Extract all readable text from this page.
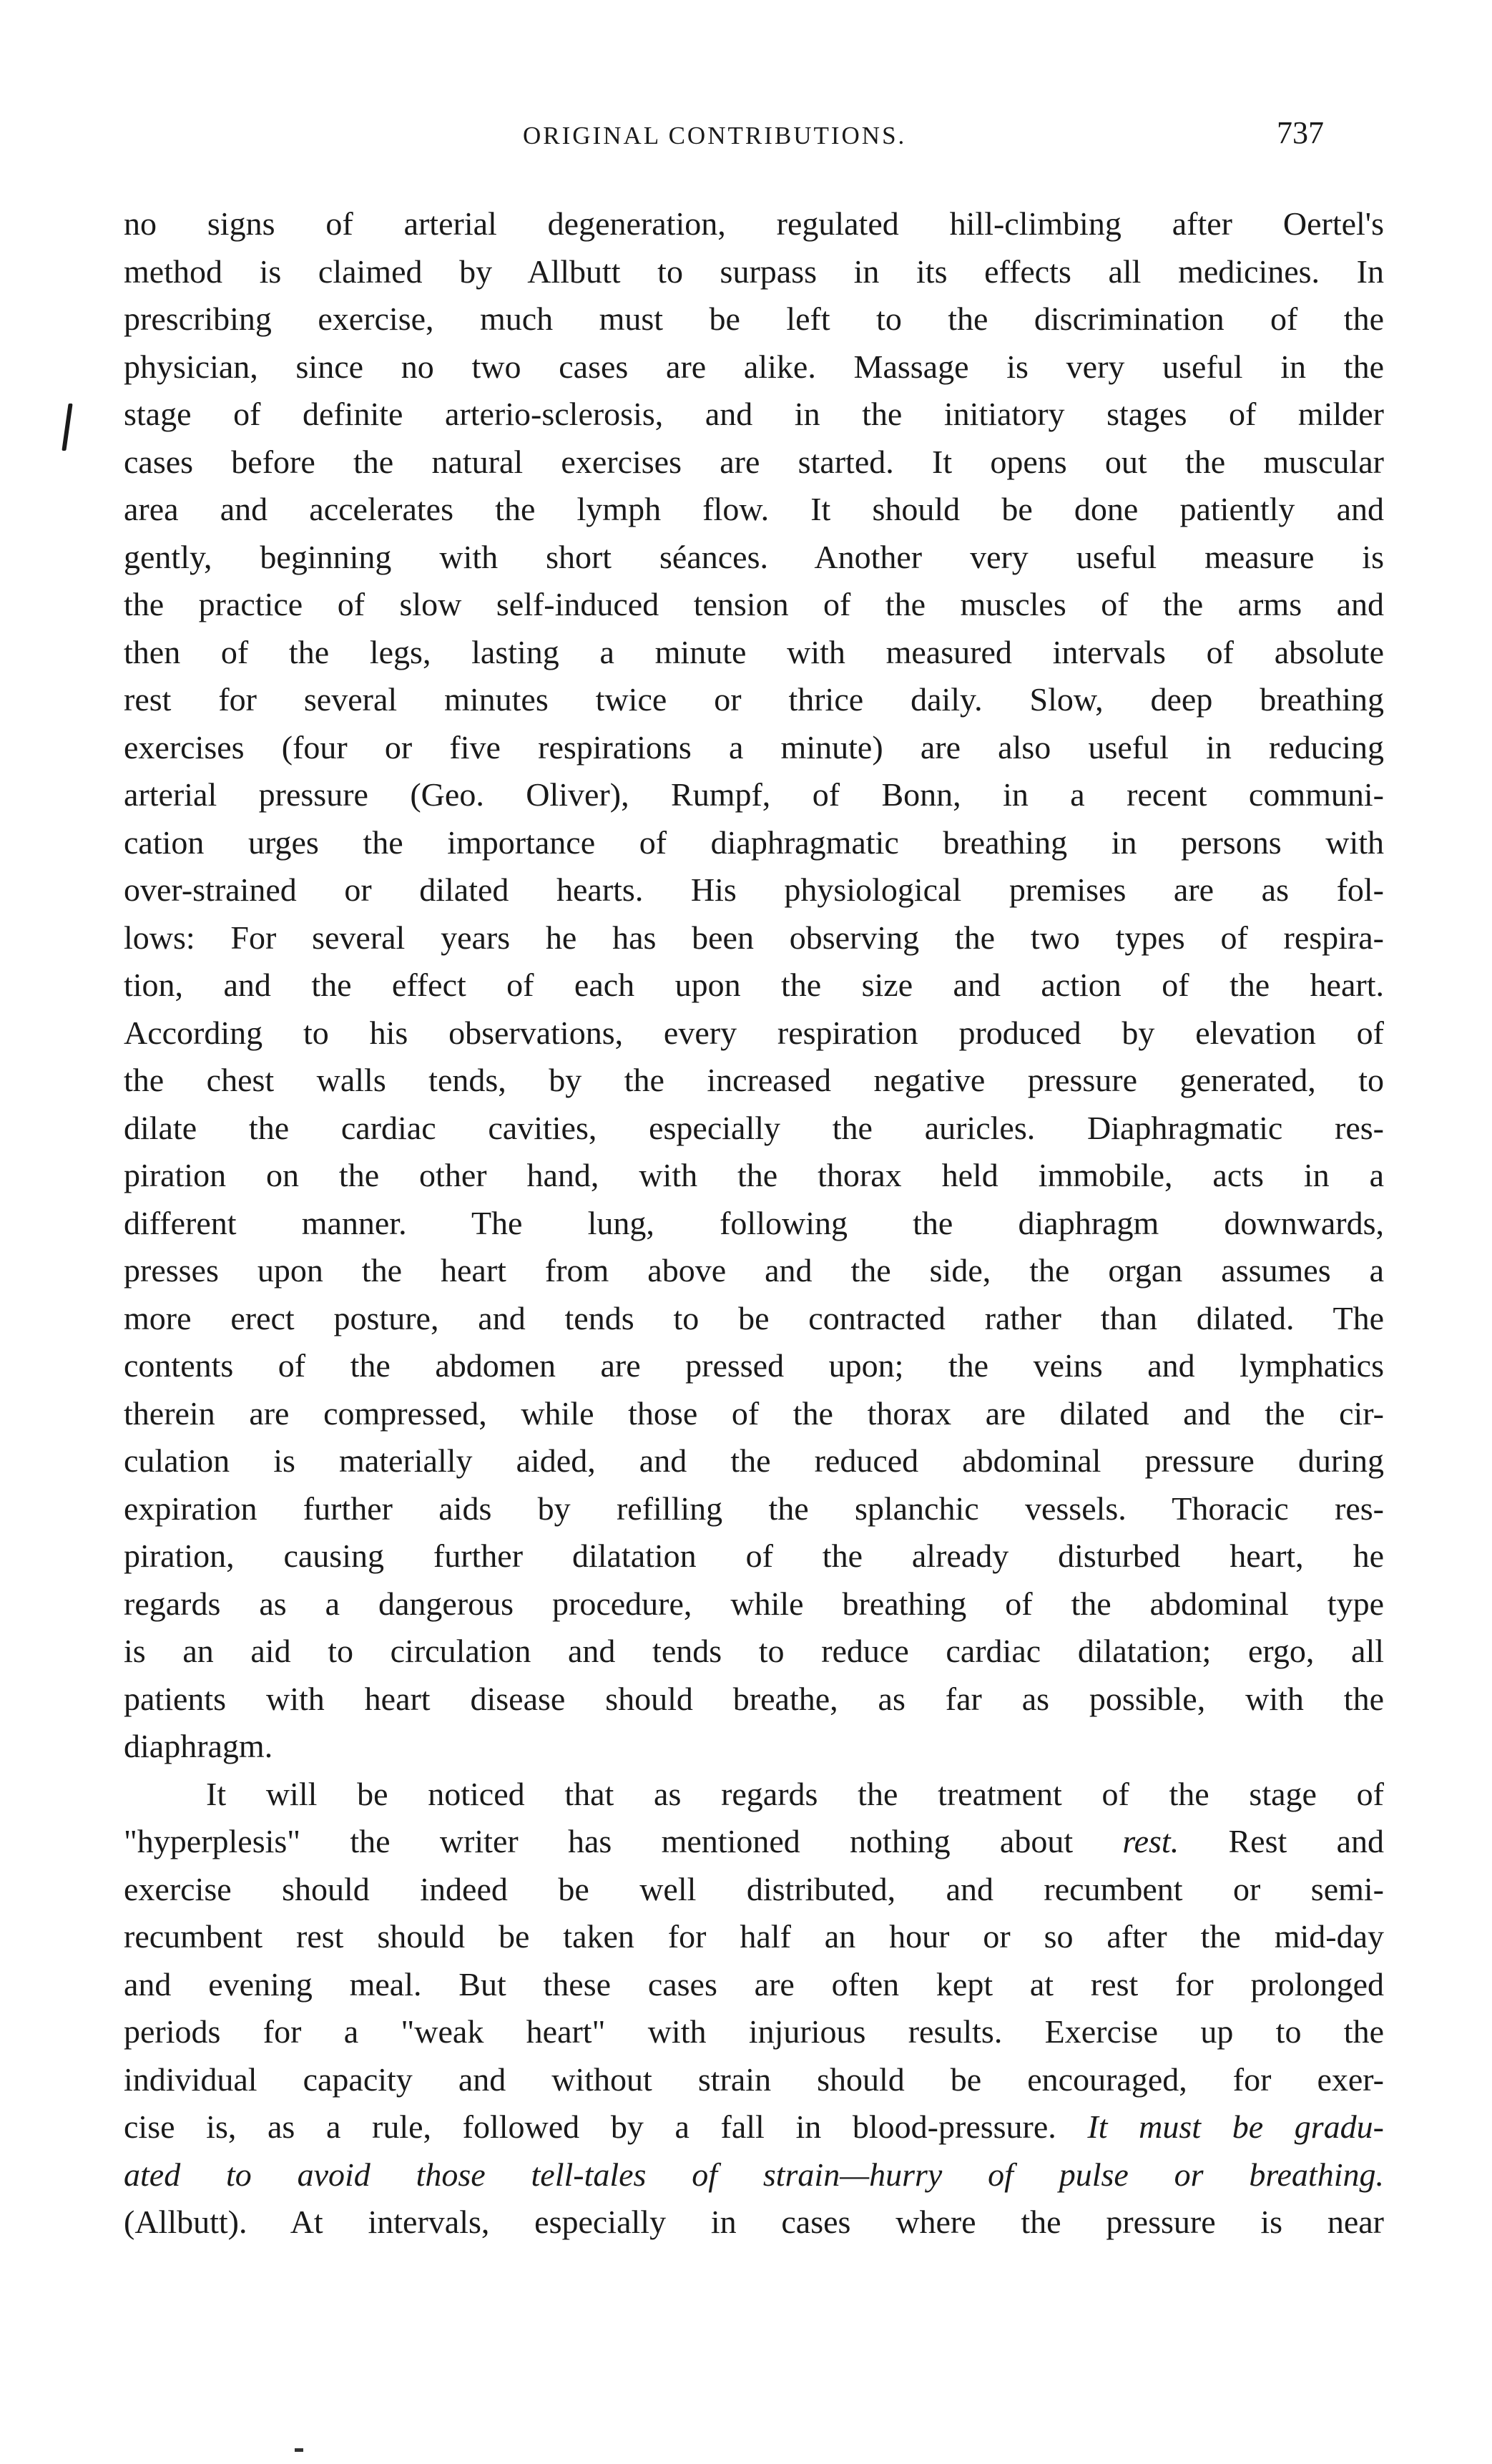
ORIGINAL CONTRIBUTIONS.	737
no signs of arterial degeneration, regulated hill-climbing after Oertel's
method is claimed by Allbutt to surpass in its effects all medicines. In
prescribing exercise, much must be left to the discrimination of the
physician, since no two cases are alike. Massage is very useful in the
stage of definite arterio-sclerosis, and in the initiatory stages of milder
cases before the natural exercises are started. It opens out the muscular
area and accelerates the lymph flow. It should be done patiently and
gently, beginning with short séances. Another very useful measure is
the practice of slow self-induced tension of the muscles of the arms and
then of the legs, lasting a minute with measured intervals of absolute
rest for several minutes twice or thrice daily. Slow, deep breathing
exercises (four or five respirations a minute) are also useful in reducing
arterial pressure (Geo. Oliver), Rumpf, of Bonn, in a recent communi-
cation urges the importance of diaphragmatic breathing in persons with
over-strained or dilated hearts. His physiological premises are as fol-
lows: For several years he has been observing the two types of respira-
tion, and the effect of each upon the size and action of the heart.
According to his observations, every respiration produced by elevation of
the chest walls tends, by the increased negative pressure generated, to
dilate the cardiac cavities, especially the auricles. Diaphragmatic res-
piration on the other hand, with the thorax held immobile, acts in a
different manner. The lung, following the diaphragm downwards,
presses upon the heart from above and the side, the organ assumes a
more erect posture, and tends to be contracted rather than dilated. The
contents of the abdomen are pressed upon; the veins and lymphatics
therein are compressed, while those of the thorax are dilated and the cir-
culation is materially aided, and the reduced abdominal pressure during
expiration further aids by refilling the splanchic vessels. Thoracic res-
piration, causing further dilatation of the already disturbed heart, he
regards as a dangerous procedure, while breathing of the abdominal type
is an aid to circulation and tends to reduce cardiac dilatation; ergo, all
patients with heart disease should breathe, as far as possible, with the
diaphragm.
It will be noticed that as regards the treatment of the stage of
"hyperplesis" the writer has mentioned nothing about rest. Rest and
exercise should indeed be well distributed, and recumbent or semi-
recumbent rest should be taken for half an hour or so after the mid-day
and evening meal. But these cases are often kept at rest for prolonged
periods for a "weak heart" with injurious results. Exercise up to the
individual capacity and without strain should be encouraged, for exer-
cise is, as a rule, followed by a fall in blood-pressure. It must be gradu-
ated to avoid those tell-tales of strain—hurry of pulse or breathing.
(Allbutt). At intervals, especially in cases where the pressure is near
